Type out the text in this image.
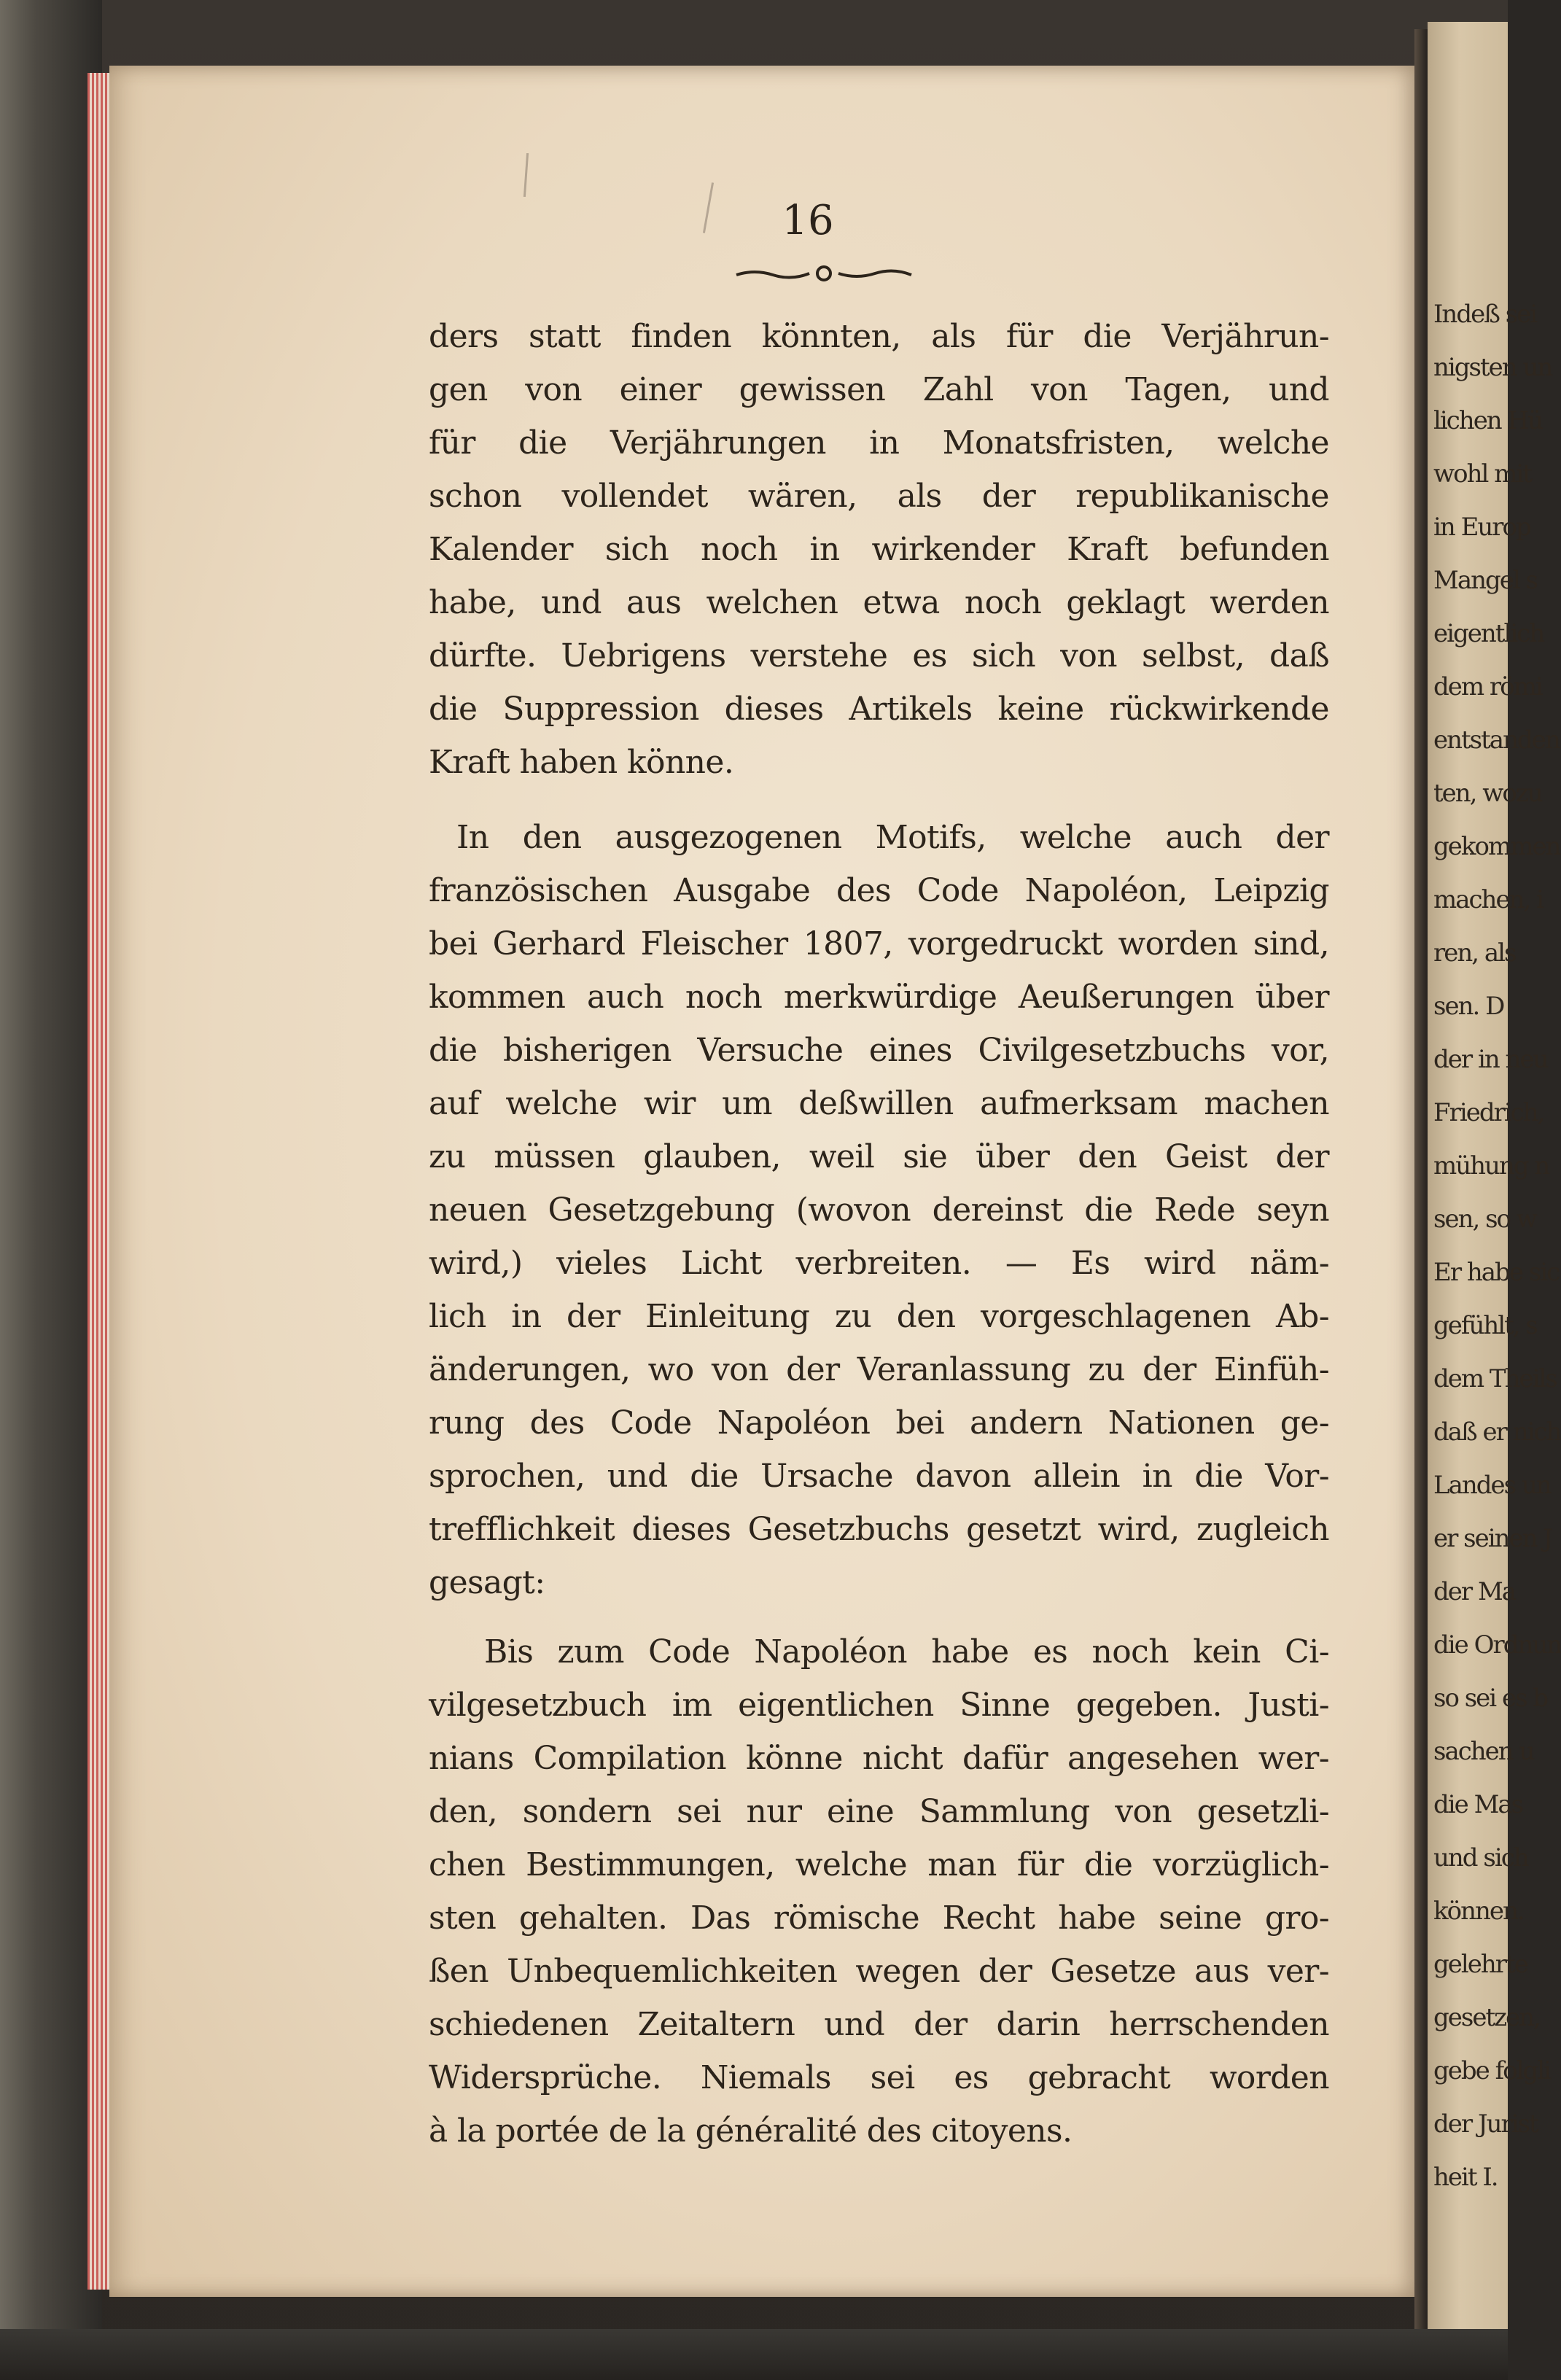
16
ders statt finden könnten, als für die Verjährun-
gen von einer gewissen Zahl von Tagen, und
für die Verjährungen in Monatsfristen, welche
schon vollendet wären, als der republikanische
Kalender sich noch in wirkender Kraft befunden
habe, und aus welchen etwa noch geklagt werden
dürfte. Uebrigens verstehe es sich von selbst, daß
die Suppression dieses Artikels keine rückwirkende
Kraft haben könne.
In den ausgezogenen Motifs, welche auch der
französischen Ausgabe des Code Napoléon, Leipzig
bei Gerhard Fleischer 1807, vorgedruckt worden sind,
kommen auch noch merkwürdige Aeußerungen über
die bisherigen Versuche eines Civilgesetzbuchs vor,
auf welche wir um deßwillen aufmerksam machen
zu müssen glauben, weil sie über den Geist der
neuen Gesetzgebung (wovon dereinst die Rede seyn
wird,) vieles Licht verbreiten. — Es wird näm-
lich in der Einleitung zu den vorgeschlagenen Ab-
änderungen, wo von der Veranlassung zu der Einfüh-
rung des Code Napoléon bei andern Nationen ge-
sprochen, und die Ursache davon allein in die Vor-
trefflichkeit dieses Gesetzbuchs gesetzt wird, zugleich
gesagt:
Bis zum Code Napoléon habe es noch kein Ci-
vilgesetzbuch im eigentlichen Sinne gegeben. Justi-
nians Compilation könne nicht dafür angesehen wer-
den, sondern sei nur eine Sammlung von gesetzli-
chen Bestimmungen, welche man für die vorzüglich-
sten gehalten. Das römische Recht habe seine gro-
ßen Unbequemlichkeiten wegen der Gesetze aus ver-
schiedenen Zeitaltern und der darin herrschenden
Widersprüche. Niemals sei es gebracht worden
à la portée de la généralité des citoyens.
Indeß sei
nigsten un
lichen Hü
wohl mit
in Europ
Mangel s
eigentlich
dem römi
entstanden
ten, wozu
gekommen
machen, i
ren, als
sen. D
der in neu
Friedrich,
mühung n
sen, so w
Er habe sic
gefühlt, s
dem Theils
daß er nich
Landes un
er seinen J
der Ma
die Ordnun
so sei es b
sachen u
die Mas
und sich
können.
gelehrte
gesetzen,
gebe folgli
der Jurist
heit I.
